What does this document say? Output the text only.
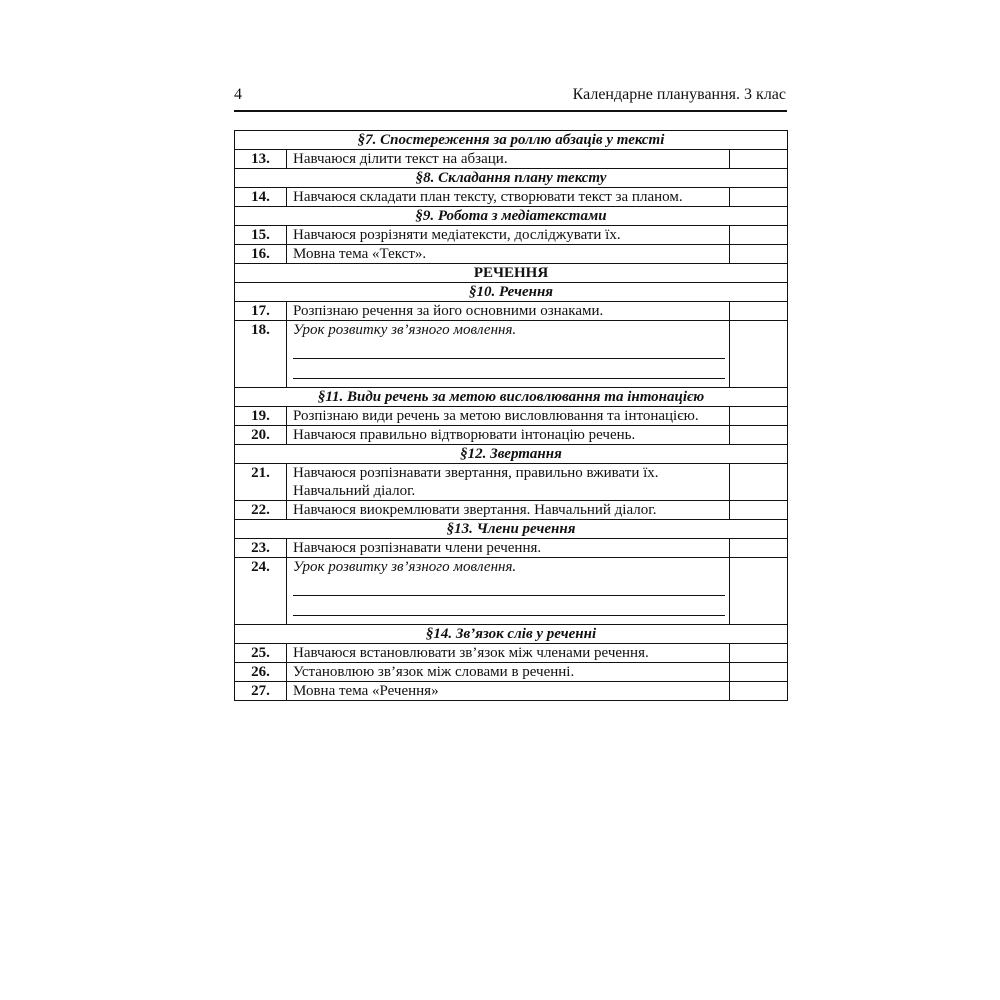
4	Календарне планування. 3 клас
§7. Спостереження за роллю абзаців у тексті		
13.	Навчаюся ділити текст на абзаци.	
§8. Складання плану тексту		
14.	Навчаюся складати план тексту, створювати текст за планом.	
§9. Робота з медіатекстами		
15.	Навчаюся розрізняти медіатексти, досліджувати їх.	
16.	Мовна тема «Текст».	
РЕЧЕННЯ		
§10. Речення		
17.	Розпізнаю речення за його основними ознаками.	
18.	Урок розвитку зв’язного мовлення.

§11. Види речень за метою висловлювання та інтонацією		
19.	Розпізнаю види речень за метою висловлювання та інтонацією.	
20.	Навчаюся правильно відтворювати інтонацію речень.	
§12. Звертання		
21.	Навчаюся розпізнавати звертання, правильно вживати їх. Навчальний діалог.	
22.	Навчаюся виокремлювати звертання. Навчальний діалог.	
§13. Члени речення		
23.	Навчаюся розпізнавати члени речення.	
24.	Урок розвитку зв’язного мовлення.

§14. Зв’язок слів у реченні		
25.	Навчаюся встановлювати зв’язок між членами речення.	
26.	Установлюю зв’язок між словами в реченні.	
27.	Мовна тема «Речення»	
